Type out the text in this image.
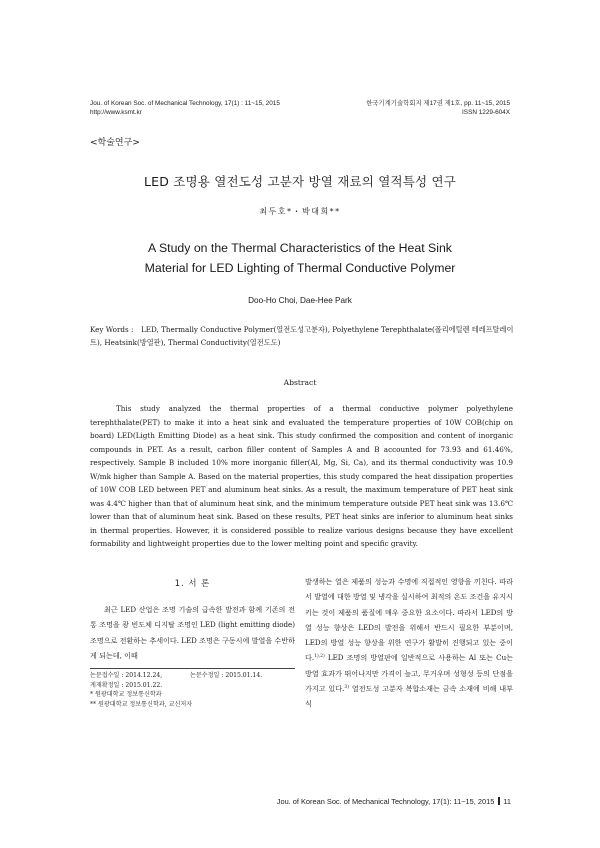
Jou. of Korean Soc. of Mechanical Technology, 17(1) : 11~15, 2015
http://www.ksmt.kr
한국기계기술학회지 제17권 제1호, pp. 11~15, 2015
ISSN 1229-604X
<학술연구>
LED 조명용 열전도성 고분자 방열 재료의 열적특성 연구
최두호*・박대희**
A Study on the Thermal Characteristics of the Heat Sink
Material for LED Lighting of Thermal Conductive Polymer
Doo-Ho Choi, Dae-Hee Park
Key Words : LED, Thermally Conductive Polymer(열전도성고분자), Polyethylene Terephthalate(폴리에틸렌 테레프탈레이트), Heatsink(방열판), Thermal Conductivity(열전도도)
Abstract
This study analyzed the thermal properties of a thermal conductive polymer polyethylene terephthalate(PET) to make it into a heat sink and evaluated the temperature properties of 10W COB(chip on board) LED(Ligth Emitting Diode) as a heat sink. This study confirmed the composition and content of inorganic compounds in PET. As a result, carbon filler content of Samples A and B accounted for 73.93 and 61.46%, respectively. Sample B included 10% more inorganic filler(Al, Mg, Si, Ca), and its thermal conductivity was 10.9 W/mk higher than Sample A. Based on the material properties, this study compared the heat dissipation properties of 10W COB LED between PET and aluminum heat sinks. As a result, the maximum temperature of PET heat sink was 4.4℃ higher than that of aluminum heat sink, and the minimum temperature outside PET heat sink was 13.6℃ lower than that of aluminum heat sink. Based on these results, PET heat sinks are inferior to aluminum heat sinks in thermal properties. However, it is considered possible to realize various designs because they have excellent formability and lightweight properties due to the lower melting point and specific gravity.
1. 서 론
최근 LED 산업은 조명 기술의 급속한 발전과 함께 기존의 전통 조명을 광 빈도체 디지탈 조명인 LED (light emitting diode)조명으로 전환하는 추세이다. LED 조명은 구동시에 발열을 수반하게 되는데, 이때
발생하는 열은 제품의 성능과 수명에 직접적인 영향을 끼친다. 따라서 발열에 대한 방열 및 냉각을 실시하여 최적의 온도 조건을 유지시키는 것이 제품의 품질에 매우 중요한 요소이다. 따라서 LED의 방열 성능 향상은 LED의 발전을 위해서 반드시 필요한 부분이며, LED의 방열 성능 향상을 위한 연구가 활발히 진행되고 있는 중이다.$^{1),2)}$ LED 조명의 방열판에 일반적으로 사용하는 Al 또는 Cu는 방열 효과가 뛰어나지만 가격이 높고, 무거우며 성형성 등의 단점을 가지고 있다.$^{3)}$ 열전도성 고분자 복합소재는 금속 소재에 비해 내부식
논문접수일 : 2014.12.24,	논문수정일 : 2015.01.14.
게재확정일 : 2015.01.22.
* 원광대학교 정보통신학과
** 원광대학교 정보통신학과, 교신저자
Jou. of Korean Soc. of Mechanical Technology, 17(1): 11~15, 2015 11
